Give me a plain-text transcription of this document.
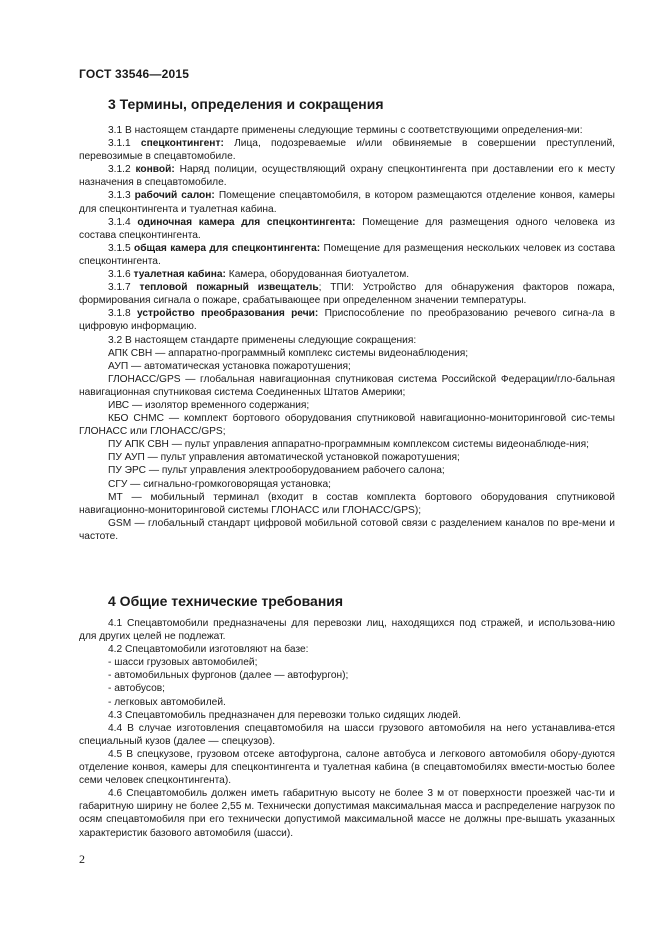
ГОСТ 33546—2015
3 Термины, определения и сокращения

3.1 В настоящем стандарте применены следующие термины с соответствующими определения-ми:

3.1.1 спецконтингент: Лица, подозреваемые и/или обвиняемые в совершении преступлений, перевозимые в спецавтомобиле.

3.1.2 конвой: Наряд полиции, осуществляющий охрану спецконтингента при доставлении его к месту назначения в спецавтомобиле.

3.1.3 рабочий салон: Помещение спецавтомобиля, в котором размещаются отделение конвоя, камеры для спецконтингента и туалетная кабина.

3.1.4 одиночная камера для спецконтингента: Помещение для размещения одного человека из состава спецконтингента.

3.1.5 общая камера для спецконтингента: Помещение для размещения нескольких человек из состава спецконтингента.

3.1.6 туалетная кабина: Камера, оборудованная биотуалетом.

3.1.7 тепловой пожарный извещатель; ТПИ: Устройство для обнаружения факторов пожара, формирования сигнала о пожаре, срабатывающее при определенном значении температуры.

3.1.8 устройство преобразования речи: Приспособление по преобразованию речевого сигна-ла в цифровую информацию.

3.2 В настоящем стандарте применены следующие сокращения:

АПК СВН — аппаратно-программный комплекс системы видеонаблюдения;

АУП — автоматическая установка пожаротушения;

ГЛОНАСС/GPS — глобальная навигационная спутниковая система Российской Федерации/гло-бальная навигационная спутниковая система Соединенных Штатов Америки;

ИВС — изолятор временного содержания;

КБО СНМС — комплект бортового оборудования спутниковой навигационно-мониторинговой сис-темы ГЛОНАСС или ГЛОНАСС/GPS;

ПУ АПК СВН — пульт управления аппаратно-программным комплексом системы видеонаблюде-ния;

ПУ АУП — пульт управления автоматической установкой пожаротушения;

ПУ ЭРС — пульт управления электрооборудованием рабочего салона;

СГУ — сигнально-громкоговорящая установка;

МТ — мобильный терминал (входит в состав комплекта бортового оборудования спутниковой навигационно-мониторинговой системы ГЛОНАСС или ГЛОНАСС/GPS);

GSM — глобальный стандарт цифровой мобильной сотовой связи с разделением каналов по вре-мени и частоте.

4 Общие технические требования

4.1 Спецавтомобили предназначены для перевозки лиц, находящихся под стражей, и использова-нию для других целей не подлежат.

4.2 Спецавтомобили изготовляют на базе:

- шасси грузовых автомобилей;

- автомобильных фургонов (далее — автофургон);

- автобусов;

- легковых автомобилей.

4.3 Спецавтомобиль предназначен для перевозки только сидящих людей.

4.4 В случае изготовления спецавтомобиля на шасси грузового автомобиля на него устанавлива-ется специальный кузов (далее — спецкузов).

4.5 В спецкузове, грузовом отсеке автофургона, салоне автобуса и легкового автомобиля обору-дуются отделение конвоя, камеры для спецконтингента и туалетная кабина (в спецавтомобилях вмести-мостью более семи человек спецконтингента).

4.6 Спецавтомобиль должен иметь габаритную высоту не более 3 м от поверхности проезжей час-ти и габаритную ширину не более 2,55 м. Технически допустимая максимальная масса и распределение нагрузок по осям спецавтомобиля при его технически допустимой максимальной массе не должны пре-вышать указанных характеристик базового автомобиля (шасси).

2
